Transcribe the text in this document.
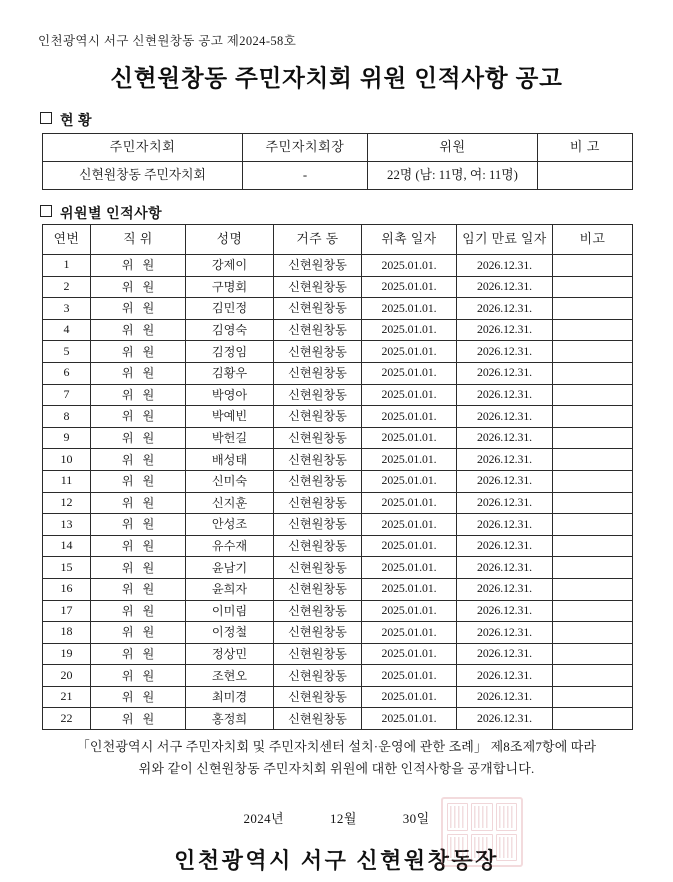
인천광역시 서구 신현원창동 공고 제2024-58호
신현원창동 주민자치회 위원 인적사항 공고
현 황
주민자치회	주민자치회장	위원	비 고
신현원창동 주민자치회	-	22명 (남: 11명, 여: 11명)	
위원별 인적사항
연번	직 위	성명	거주 동	위촉 일자	임기 만료 일자	비고
1	위 원	강제이	신현원창동	2025.01.01.	2026.12.31.	
2	위 원	구명회	신현원창동	2025.01.01.	2026.12.31.	
3	위 원	김민정	신현원창동	2025.01.01.	2026.12.31.	
4	위 원	김영숙	신현원창동	2025.01.01.	2026.12.31.	
5	위 원	김정임	신현원창동	2025.01.01.	2026.12.31.	
6	위 원	김황우	신현원창동	2025.01.01.	2026.12.31.	
7	위 원	박영아	신현원창동	2025.01.01.	2026.12.31.	
8	위 원	박예빈	신현원창동	2025.01.01.	2026.12.31.	
9	위 원	박헌길	신현원창동	2025.01.01.	2026.12.31.	
10	위 원	배성태	신현원창동	2025.01.01.	2026.12.31.	
11	위 원	신미숙	신현원창동	2025.01.01.	2026.12.31.	
12	위 원	신지훈	신현원창동	2025.01.01.	2026.12.31.	
13	위 원	안성조	신현원창동	2025.01.01.	2026.12.31.	
14	위 원	유수재	신현원창동	2025.01.01.	2026.12.31.	
15	위 원	윤남기	신현원창동	2025.01.01.	2026.12.31.	
16	위 원	윤희자	신현원창동	2025.01.01.	2026.12.31.	
17	위 원	이미림	신현원창동	2025.01.01.	2026.12.31.	
18	위 원	이정철	신현원창동	2025.01.01.	2026.12.31.	
19	위 원	정상민	신현원창동	2025.01.01.	2026.12.31.	
20	위 원	조현오	신현원창동	2025.01.01.	2026.12.31.	
21	위 원	최미경	신현원창동	2025.01.01.	2026.12.31.	
22	위 원	홍정희	신현원창동	2025.01.01.	2026.12.31.	
「인천광역시 서구 주민자치회 및 주민자치센터 설치·운영에 관한 조례」 제8조제7항에 따라
위와 같이 신현원창동 주민자치회 위원에 대한 인적사항을 공개합니다.
2024년	12월	30일
인천광역시 서구 신현원창동장
